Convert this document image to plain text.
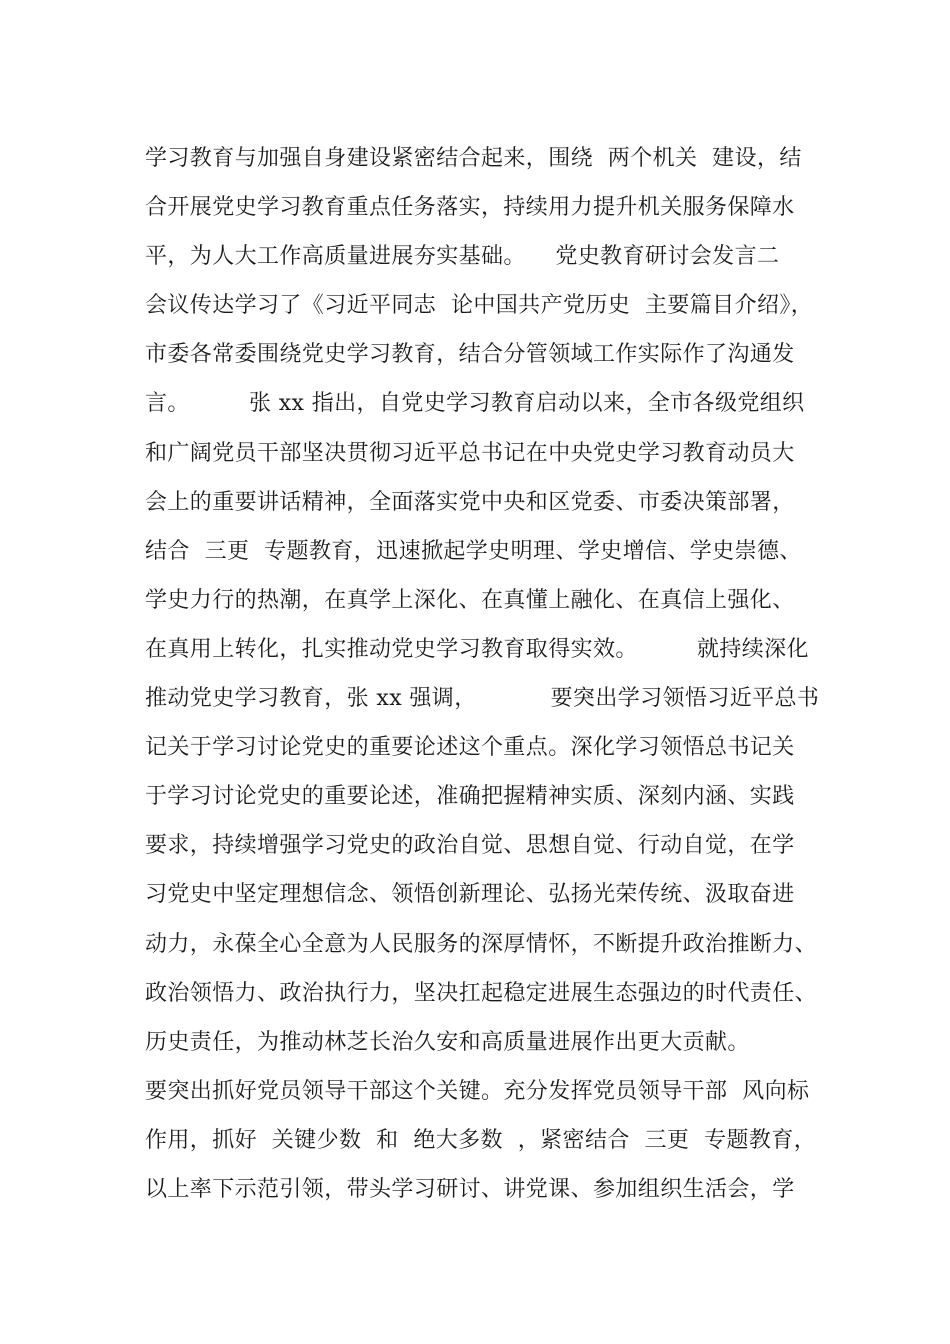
学习教育与加强自身建设紧密结合起来，围绕  两个机关  建设，结
合开展党史学习教育重点任务落实，持续用力提升机关服务保障水
平，为人大工作高质量进展夯实基础。    党史教育研讨会发言二
会议传达学习了《习近平同志  论中国共产党历史  主要篇目介绍》，
市委各常委围绕党史学习教育，结合分管领域工作实际作了沟通发
言。        张 xx 指出，自党史学习教育启动以来，全市各级党组织
和广阔党员干部坚决贯彻习近平总书记在中央党史学习教育动员大
会上的重要讲话精神，全面落实党中央和区党委、市委决策部署，
结合  三更  专题教育，迅速掀起学史明理、学史增信、学史崇德、
学史力行的热潮，在真学上深化、在真懂上融化、在真信上强化、
在真用上转化，扎实推动党史学习教育取得实效。        就持续深化
推动党史学习教育，张 xx 强调，          要突出学习领悟习近平总书
记关于学习讨论党史的重要论述这个重点。深化学习领悟总书记关
于学习讨论党史的重要论述，准确把握精神实质、深刻内涵、实践
要求，持续增强学习党史的政治自觉、思想自觉、行动自觉，在学
习党史中坚定理想信念、领悟创新理论、弘扬光荣传统、汲取奋进
动力，永葆全心全意为人民服务的深厚情怀，不断提升政治推断力、
政治领悟力、政治执行力，坚决扛起稳定进展生态强边的时代责任、
历史责任，为推动林芝长治久安和高质量进展作出更大贡献。
要突出抓好党员领导干部这个关键。充分发挥党员领导干部  风向标
作用，抓好  关键少数  和  绝大多数  ，紧密结合  三更  专题教育，
以上率下示范引领，带头学习研讨、讲党课、参加组织生活会，学
